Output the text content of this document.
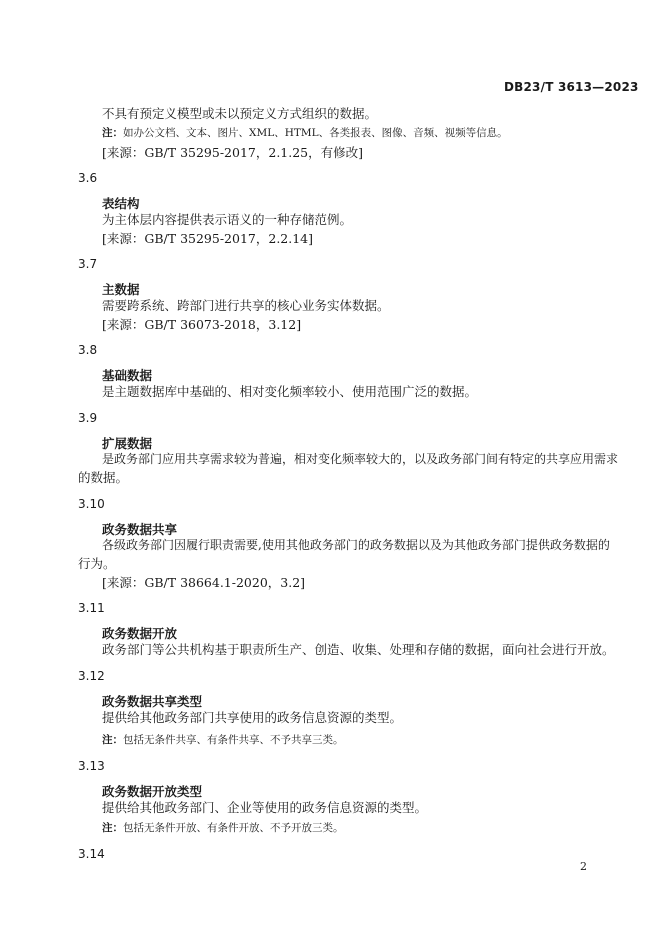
DB23/T 3613—2023
不具有预定义模型或未以预定义方式组织的数据。
注：如办公文档、文本、图片、XML、HTML、各类报表、图像、音频、视频等信息。
[来源：GB/T 35295-2017，2.1.25，有修改]
3.6
表结构
为主体层内容提供表示语义的一种存储范例。
[来源：GB/T 35295-2017，2.2.14]
3.7
主数据
需要跨系统、跨部门进行共享的核心业务实体数据。
[来源：GB/T 36073-2018，3.12]
3.8
基础数据
是主题数据库中基础的、相对变化频率较小、使用范围广泛的数据。
3.9
扩展数据
是政务部门应用共享需求较为普遍，相对变化频率较大的，以及政务部门间有特定的共享应用需求
的数据。
3.10
政务数据共享
各级政务部门因履行职责需要,使用其他政务部门的政务数据以及为其他政务部门提供政务数据的
行为。
[来源：GB/T 38664.1-2020，3.2]
3.11
政务数据开放
政务部门等公共机构基于职责所生产、创造、收集、处理和存储的数据，面向社会进行开放。
3.12
政务数据共享类型
提供给其他政务部门共享使用的政务信息资源的类型。
注：包括无条件共享、有条件共享、不予共享三类。
3.13
政务数据开放类型
提供给其他政务部门、企业等使用的政务信息资源的类型。
注：包括无条件开放、有条件开放、不予开放三类。
3.14
2
